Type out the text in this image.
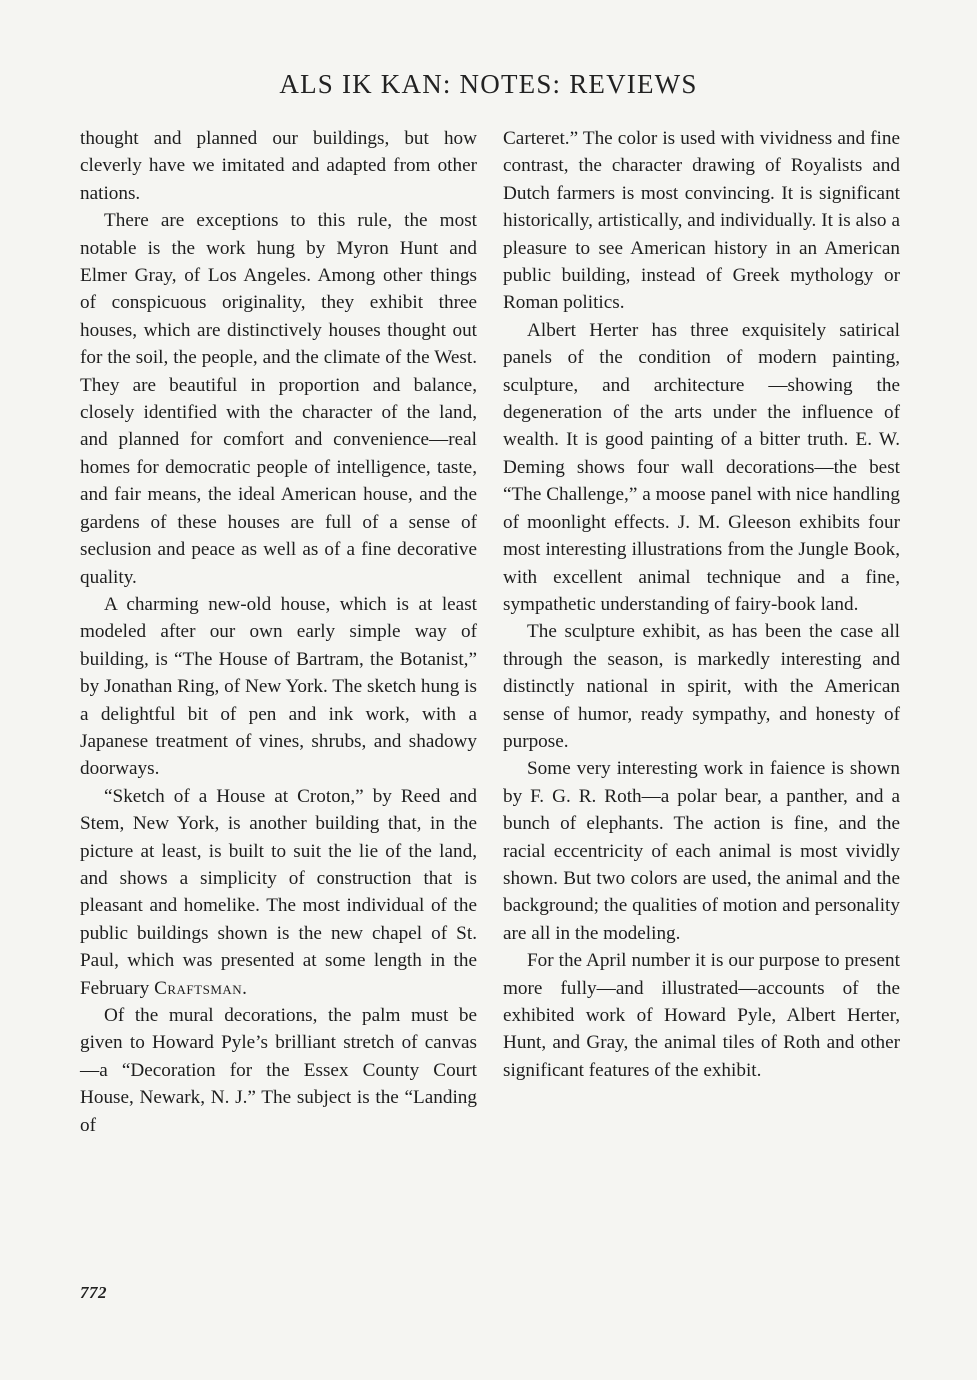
ALS IK KAN: NOTES: REVIEWS

thought and planned our buildings, but how cleverly have we imitated and adapted from other nations.

There are exceptions to this rule, the most notable is the work hung by Myron Hunt and Elmer Gray, of Los Angeles. Among other things of conspicuous originality, they exhibit three houses, which are distinctively houses thought out for the soil, the people, and the climate of the West. They are beautiful in proportion and balance, closely identified with the character of the land, and planned for comfort and convenience—real homes for democratic people of intelligence, taste, and fair means, the ideal American house, and the gardens of these houses are full of a sense of seclusion and peace as well as of a fine decorative quality.

A charming new-old house, which is at least modeled after our own early simple way of building, is “The House of Bartram, the Botanist,” by Jonathan Ring, of New York. The sketch hung is a delightful bit of pen and ink work, with a Japanese treatment of vines, shrubs, and shadowy doorways.

“Sketch of a House at Croton,” by Reed and Stem, New York, is another building that, in the picture at least, is built to suit the lie of the land, and shows a simplicity of construction that is pleasant and homelike. The most individual of the public buildings shown is the new chapel of St. Paul, which was presented at some length in the February Craftsman.

Of the mural decorations, the palm must be given to Howard Pyle’s brilliant stretch of canvas—a “Decoration for the Essex County Court House, Newark, N. J.” The subject is the “Landing of

Carteret.” The color is used with vividness and fine contrast, the character drawing of Royalists and Dutch farmers is most convincing. It is significant historically, artistically, and individually. It is also a pleasure to see American history in an American public building, instead of Greek mythology or Roman politics.

Albert Herter has three exquisitely satirical panels of the condition of modern painting, sculpture, and architecture —showing the degeneration of the arts under the influence of wealth. It is good painting of a bitter truth. E. W. Deming shows four wall decorations—the best “The Challenge,” a moose panel with nice handling of moonlight effects. J. M. Gleeson exhibits four most interesting illustrations from the Jungle Book, with excellent animal technique and a fine, sympathetic understanding of fairy-book land.

The sculpture exhibit, as has been the case all through the season, is markedly interesting and distinctly national in spirit, with the American sense of humor, ready sympathy, and honesty of purpose.

Some very interesting work in faience is shown by F. G. R. Roth—a polar bear, a panther, and a bunch of elephants. The action is fine, and the racial eccentricity of each animal is most vividly shown. But two colors are used, the animal and the background; the qualities of motion and personality are all in the modeling.

For the April number it is our purpose to present more fully—and illustrated—accounts of the exhibited work of Howard Pyle, Albert Herter, Hunt, and Gray, the animal tiles of Roth and other significant features of the exhibit.

772
